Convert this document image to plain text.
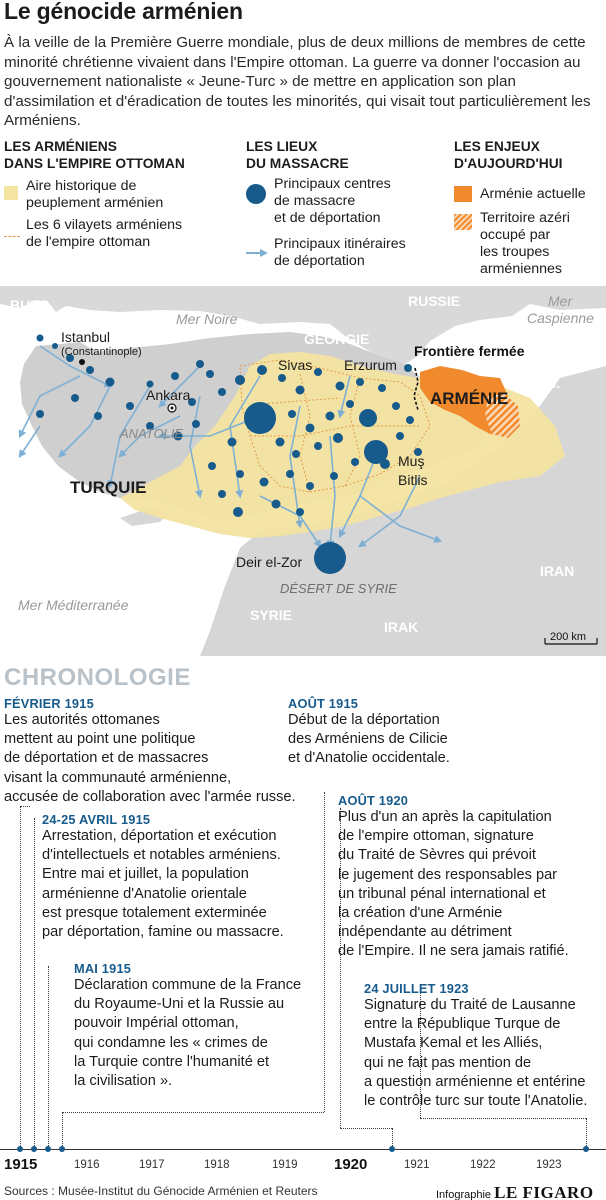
Le génocide arménien
À la veille de la Première Guerre mondiale, plus de deux millions de membres de cette minorité chrétienne vivaient dans l'Empire ottoman. La guerre va donner l'occasion au gouvernement nationaliste « Jeune-Turc » de mettre en application son plan d'assimilation et d'éradication de toutes les minorités, qui visait tout particulièrement les Arméniens.
LES ARMÉNIENS
DANS L'EMPIRE OTTOMAN
Aire historique de
peuplement arménien
Les 6 vilayets arméniens
de l'empire ottoman
LES LIEUX
DU MASSACRE
Principaux centres
de massacre
et de déportation
Principaux itinéraires
de déportation
LES ENJEUX
D'AUJOURD'HUI
Arménie actuelle
Territoire azéri
occupé par
les troupes
arméniennes
BULG.	RUSSIE
GÉORGIE
AZERB.
CHYPRE
LIBAN
SYRIE
SYRIE
IRAK
IRAN
Mer Noire
Mer
Caspienne
Mer Méditerranée
ANATOLIE
DÉSERT DE SYRIE
TURQUIE
ARMÉNIE
Istanbul
(Constantinople)
Ankara
Sivas Erzurum
Muş
Bitlis
Deir el-Zor
Frontière fermée
200 km
CHRONOLOGIE
FÉVRIER 1915
Les autorités ottomanes
mettent au point une politique
de déportation et de massacres
visant la communauté arménienne,
accusée de collaboration avec l'armée russe.
24-25 AVRIL 1915
Arrestation, déportation et exécution
d'intellectuels et notables arméniens.
Entre mai et juillet, la population
arménienne d'Anatolie orientale
est presque totalement exterminée
par déportation, famine ou massacre.
MAI 1915
Déclaration commune de la France
du Royaume-Uni et la Russie au
pouvoir Impérial ottoman,
qui condamne les « crimes de
la Turquie contre l'humanité et
la civilisation ».
AOÛT 1915
Début de la déportation
des Arméniens de Cilicie
et d'Anatolie occidentale.
AOÛT 1920
Plus d'un an après la capitulation
de l'empire ottoman, signature
du Traité de Sèvres qui prévoit
le jugement des responsables par
un tribunal pénal international et
la création d'une Arménie
indépendante au détriment
de l'Empire. Il ne sera jamais ratifié.
24 JUILLET 1923
Signature du Traité de Lausanne
entre la République Turque de
Mustafa Kemal et les Alliés,
qui ne fait pas mention de
a question arménienne et entérine
le contrôle turc sur toute l'Anatolie.
1915	1916	1917	1918	1919 1920	1921	1922	1923
Sources : Musée-Institut du Génocide Arménien et Reuters	Infographie LE FIGARO
